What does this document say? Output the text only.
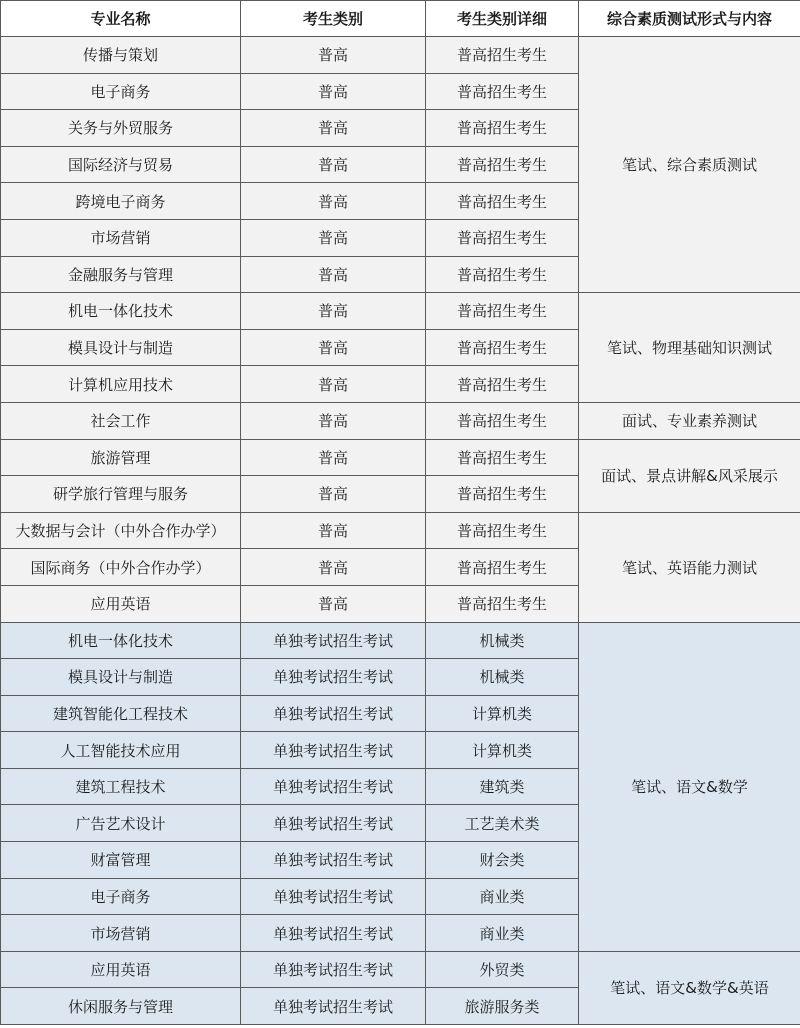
专业名称	考生类别	考生类别详细	综合素质测试形式与内容
传播与策划	普高	普高招生考生	笔试、综合素质测试
电子商务	普高	普高招生考生	
关务与外贸服务	普高	普高招生考生	
国际经济与贸易	普高	普高招生考生	
跨境电子商务	普高	普高招生考生	
市场营销	普高	普高招生考生	
金融服务与管理	普高	普高招生考生	
机电一体化技术	普高	普高招生考生	笔试、物理基础知识测试
模具设计与制造	普高	普高招生考生	
计算机应用技术	普高	普高招生考生	
社会工作	普高	普高招生考生	面试、专业素养测试
旅游管理	普高	普高招生考生	面试、景点讲解&风采展示
研学旅行管理与服务	普高	普高招生考生	
大数据与会计（中外合作办学）	普高	普高招生考生	笔试、英语能力测试
国际商务（中外合作办学）	普高	普高招生考生	
应用英语	普高	普高招生考生	
机电一体化技术	单独考试招生考试	机械类	笔试、语文&数学
模具设计与制造	单独考试招生考试	机械类	
建筑智能化工程技术	单独考试招生考试	计算机类	
人工智能技术应用	单独考试招生考试	计算机类	
建筑工程技术	单独考试招生考试	建筑类	
广告艺术设计	单独考试招生考试	工艺美术类	
财富管理	单独考试招生考试	财会类	
电子商务	单独考试招生考试	商业类	
市场营销	单独考试招生考试	商业类	
应用英语	单独考试招生考试	外贸类	笔试、语文&数学&英语
休闲服务与管理	单独考试招生考试	旅游服务类	
